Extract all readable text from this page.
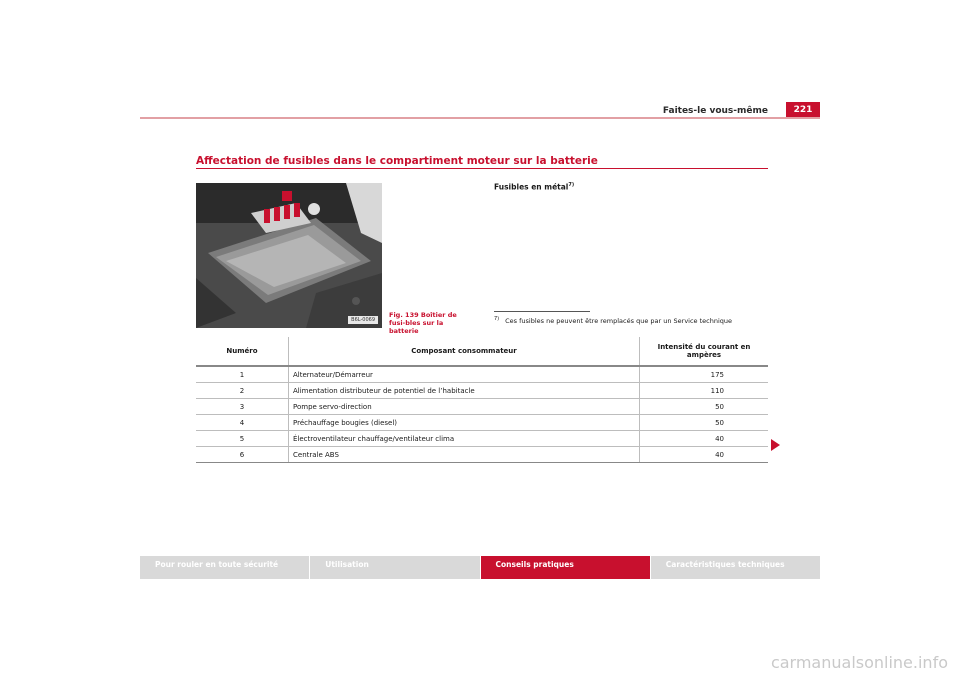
Faites-le vous-même	221
Affectation de fusibles dans le compartiment moteur sur la batterie
B6L-0069
Fig. 139 Boîtier de fusi-bles sur la batterie
Fusibles en métal$^{7)}$
$^{7)}$ Ces fusibles ne peuvent être remplacés que par un Service technique
Numéro	Composant consommateur	Intensité du courant en ampères
1	Alternateur/Démarreur	175
2	Alimentation distributeur de potentiel de l’habitacle	110
3	Pompe servo-direction	50
4	Préchauffage bougies (diesel)	50
5	Électroventilateur chauffage/ventilateur clima	40
6	Centrale ABS	40
Pour rouler en toute sécurité	Utilisation	Conseils pratiques	Caractéristiques techniques
carmanualsonline.info
